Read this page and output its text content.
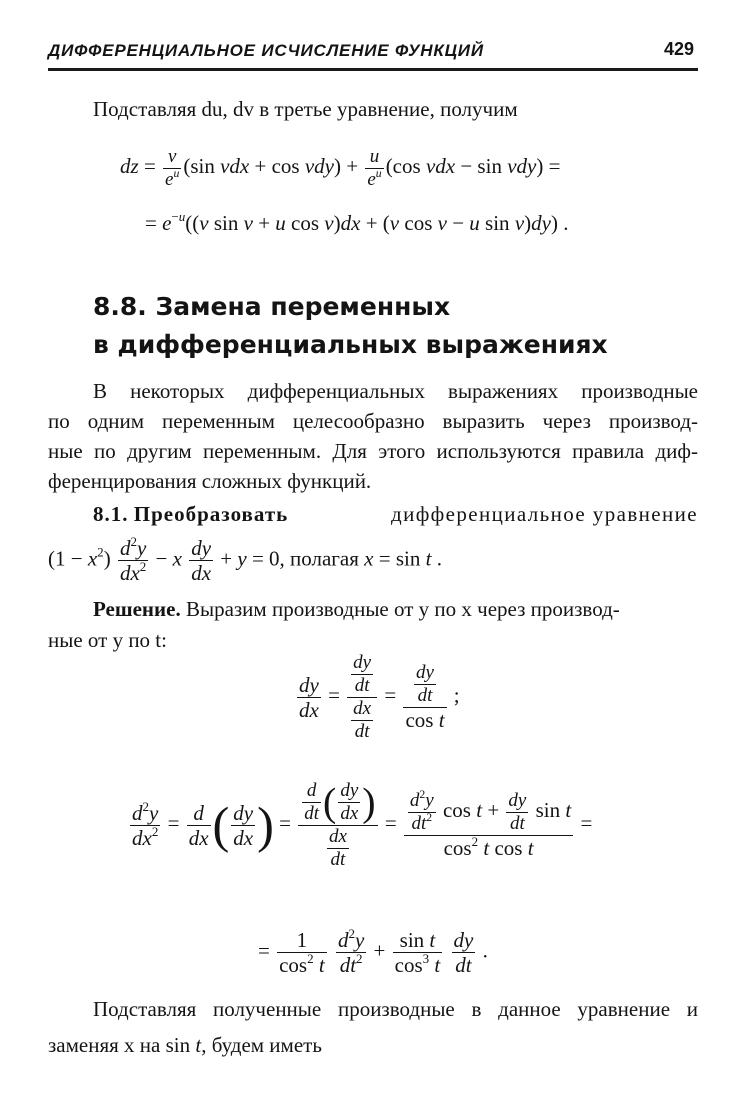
ДИФФЕРЕНЦИАЛЬНОЕ ИСЧИСЛЕНИЕ ФУНКЦИЙ	429

Подставляя du, dv в третье уравнение, получим

dz = $\frac{v}{e^u} (\sin$ vdx + $\cos vdy) + \frac{u}{e^u} (\cos$ vdx − sin vdy) =
= $e^{-u}((v$ sin v + u cos v)dx + (v cos v − u sin v)dy) .
8.8. Замена переменных
в дифференциальных выражениях

В некоторых дифференциальных выражениях производные

по одним переменным целесообразно выразить через производ-

ные по другим переменным. Для этого используются правила диф-

ференцирования сложных функций.

8.1. Преобразовать	дифференциальное уравнение
$(1 - x^2) \frac{d^2y}{dx^2} - x \frac{dy}{dx} + y = 0$, полагая x = sin t .
Решение. Выразим производные от y по x через производ-

ные от y по t:

$\frac{dy}{dx} = \frac{\frac{dy}{dt}}{\frac{dx}{dt}} = \frac{\frac{dy}{dt}}{\text{cos t}}$ ;
$\frac{d^2y}{dx^2} = \frac{d}{dx}$ ( $\frac{dy}{dx}$ ) = $\frac{\frac{d}{dt} ( \frac{dy}{dx} )}{\frac{dx}{dt}} = \frac{\frac{d^2y}{dt^2} \cos t + \frac{dy}{dt} \sin t}{\cos^2 t \cos t}$ =
= $\frac{1}{\cos^2 t}$
$\frac{d^2y}{dt^2} + \frac{\text{sin t}}{\cos^3 t}$
$\frac{dy}{dt}$ .

Подставляя полученные производные в данное уравнение и

заменяя x на sin t, будем иметь
